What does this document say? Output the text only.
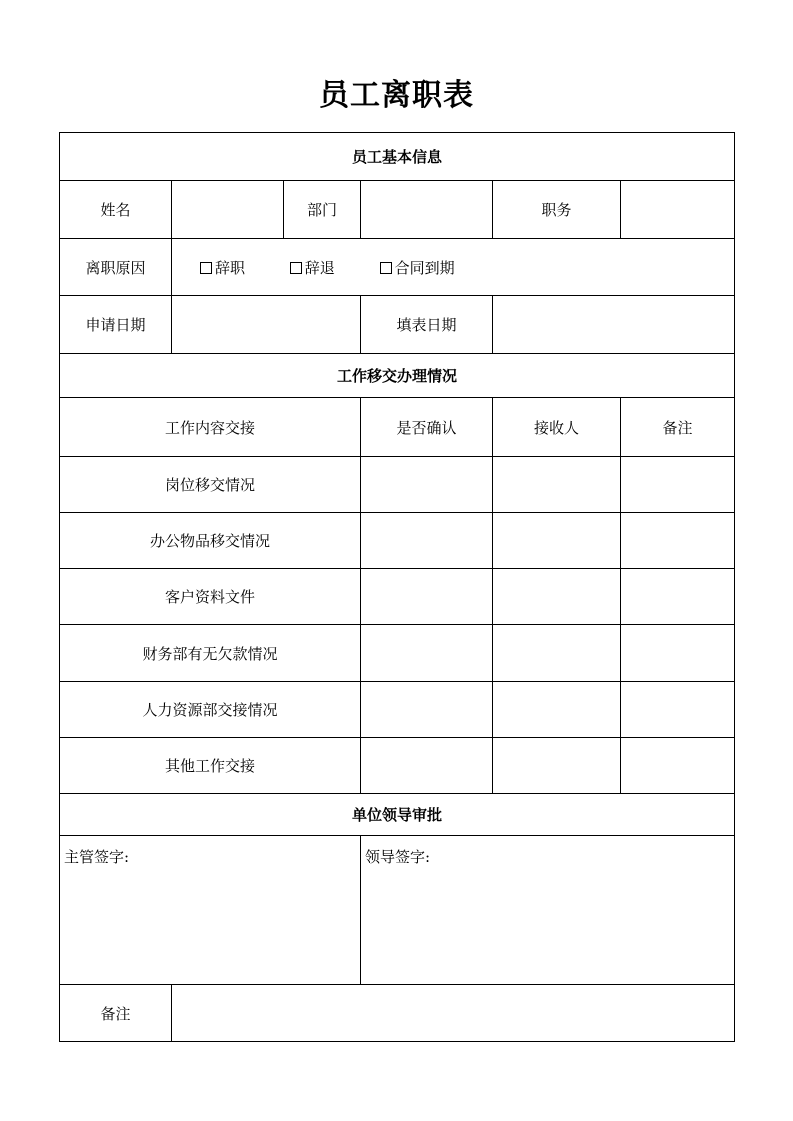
员工离职表
员工基本信息					
姓名		部门		职务	
离职原因	辞职 辞退 合同到期				
申请日期			填表日期		
工作移交办理情况					
工作内容交接			是否确认	接收人	备注
岗位移交情况					
办公物品移交情况					
客户资料文件					
财务部有无欠款情况					
人力资源部交接情况					
其他工作交接					
单位领导审批					
主管签字:			领导签字:		
备注					
